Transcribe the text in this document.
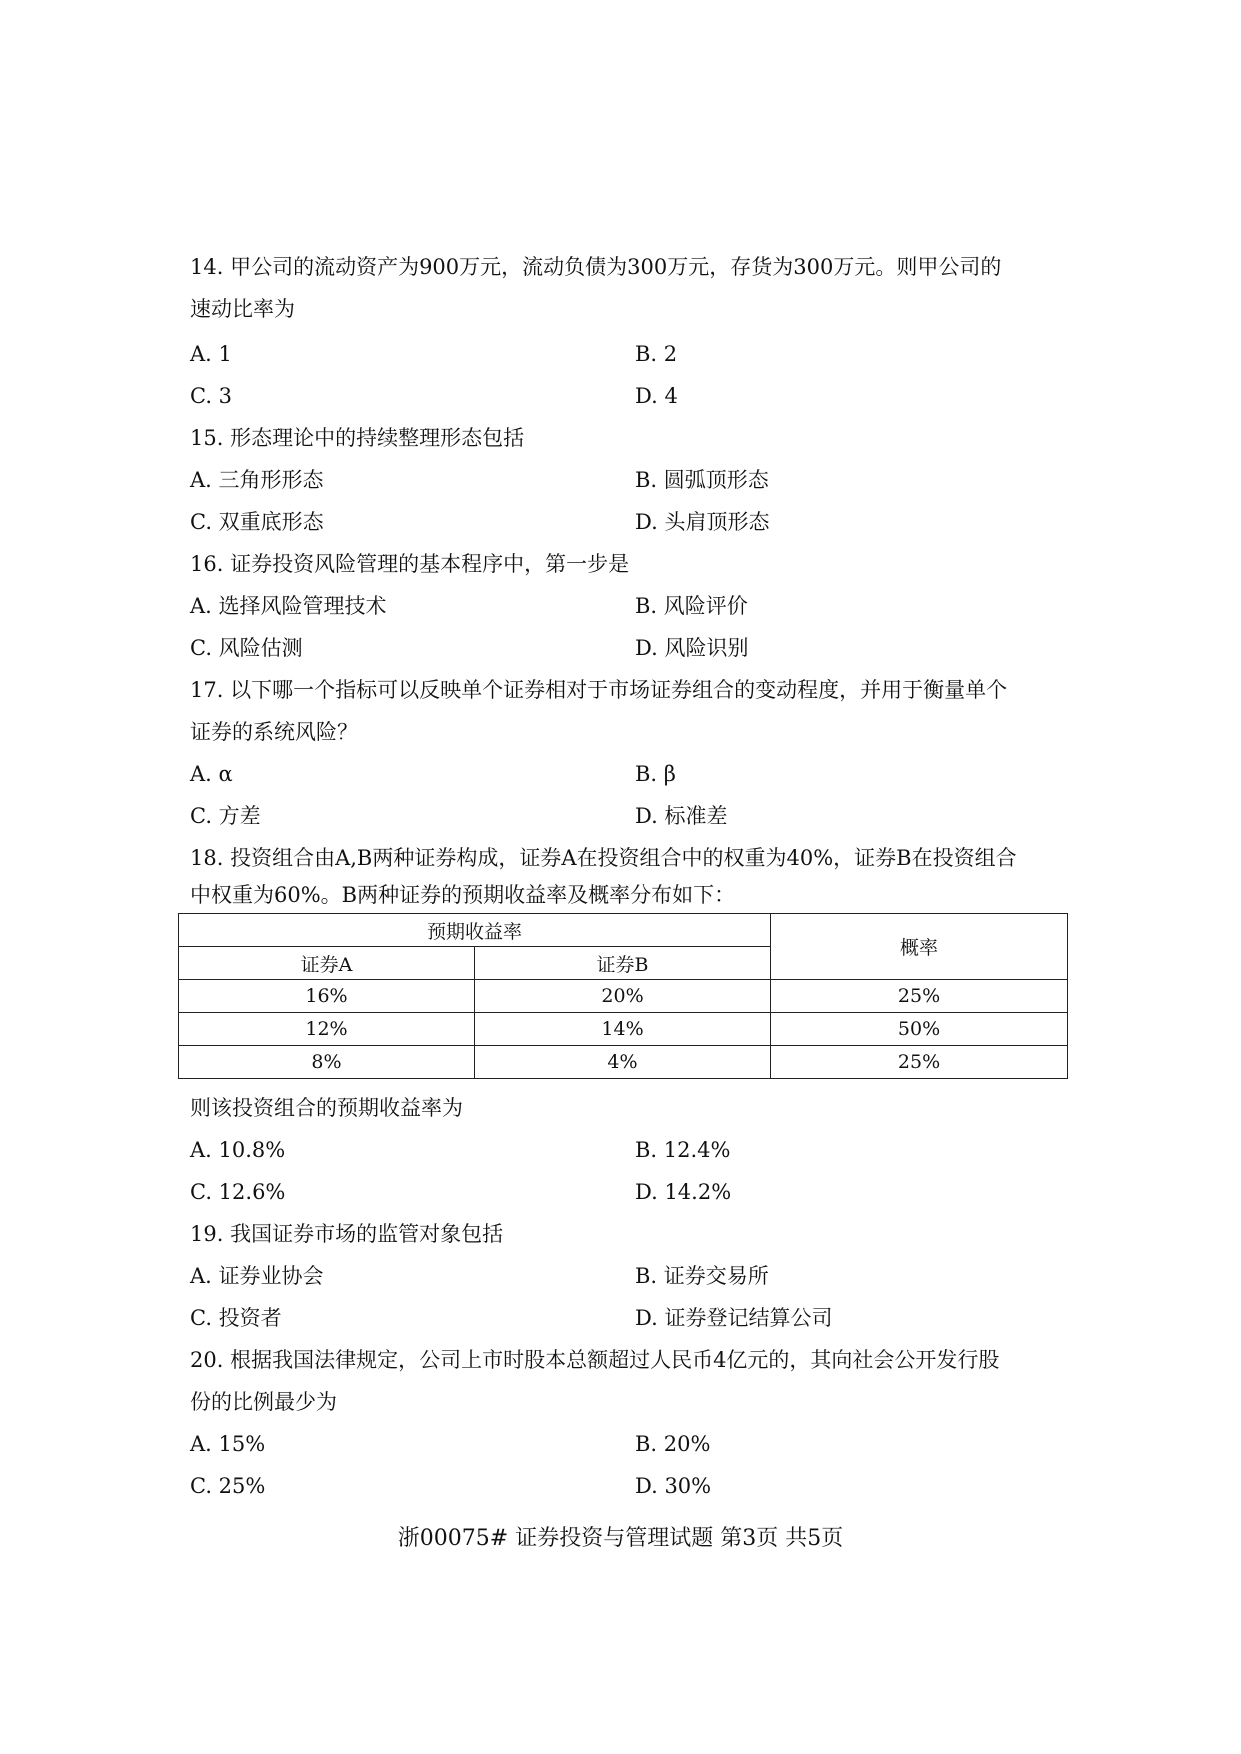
14. 甲公司的流动资产为900万元，流动负债为300万元，存货为300万元。则甲公司的
速动比率为
A. 1	B. 2
C. 3	D. 4
15. 形态理论中的持续整理形态包括
A. 三角形形态	B. 圆弧顶形态
C. 双重底形态	D. 头肩顶形态
16. 证券投资风险管理的基本程序中，第一步是
A. 选择风险管理技术	B. 风险评价
C. 风险估测	D. 风险识别
17. 以下哪一个指标可以反映单个证券相对于市场证券组合的变动程度，并用于衡量单个
证券的系统风险？
A. α	B. β
C. 方差	D. 标准差
18. 投资组合由A,B两种证券构成，证券A在投资组合中的权重为40%，证券B在投资组合
中权重为60%。B两种证券的预期收益率及概率分布如下：
预期收益率		概率
证券A	证券B	
16%	20%	25%
12%	14%	50%
8%	4%	25%
则该投资组合的预期收益率为
A. 10.8%	B. 12.4%
C. 12.6%	D. 14.2%
19. 我国证券市场的监管对象包括
A. 证券业协会	B. 证券交易所
C. 投资者	D. 证券登记结算公司
20. 根据我国法律规定，公司上市时股本总额超过人民币4亿元的，其向社会公开发行股
份的比例最少为
A. 15%	B. 20%
C. 25%	D. 30%
浙00075# 证券投资与管理试题 第3页 共5页
